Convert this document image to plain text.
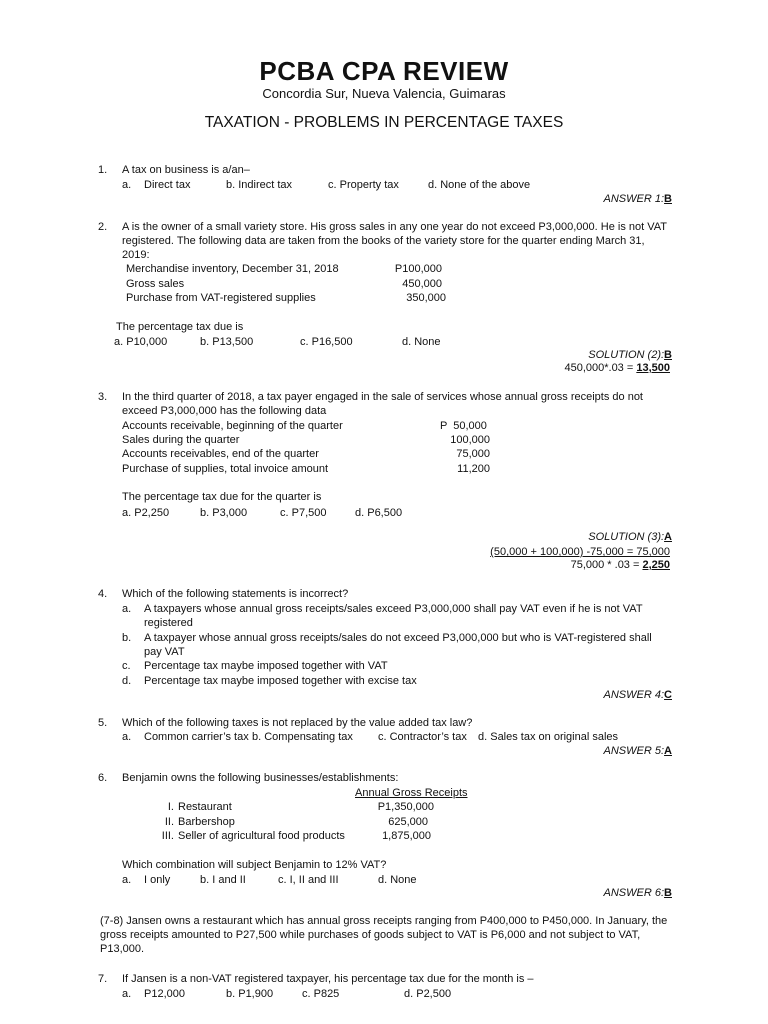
PCBA CPA REVIEW
Concordia Sur, Nueva Valencia, Guimaras
TAXATION - PROBLEMS IN PERCENTAGE TAXES
1.	A tax on business is a/an–
a. Direct tax	b. Indirect tax	c. Property tax	d. None of the above
ANSWER 1:B
2.	A is the owner of a small variety store. His gross sales in any one year do not exceed P3,000,000. He is not VAT
registered. The following data are taken from the books of the variety store for the quarter ending March 31,
2019:
Merchandise inventory, December 31, 2018	P100,000
Gross sales	450,000
Purchase from VAT-registered supplies	350,000
The percentage tax due is
a. P10,000	b. P13,500	c. P16,500	d. None
SOLUTION (2):B
450,000*.03 = 13,500
3.	In the third quarter of 2018, a tax payer engaged in the sale of services whose annual gross receipts do not
exceed P3,000,000 has the following data
Accounts receivable, beginning of the quarter	P  50,000
Sales during the quarter	100,000
Accounts receivables, end of the quarter	75,000
Purchase of supplies, total invoice amount	11,200
The percentage tax due for the quarter is
a. P2,250	b. P3,000	c. P7,500	d. P6,500
SOLUTION (3):A
(50,000 + 100,000) -75,000 = 75,000
75,000 * .03 = 2,250
4.	Which of the following statements is incorrect?
a. A taxpayers whose annual gross receipts/sales exceed P3,000,000 shall pay VAT even if he is not VAT
registered
b. A taxpayer whose annual gross receipts/sales do not exceed P3,000,000 but who is VAT-registered shall
pay VAT
c. Percentage tax maybe imposed together with VAT
d. Percentage tax maybe imposed together with excise tax
ANSWER 4:C
5.	Which of the following taxes is not replaced by the value added tax law?
a. Common carrier’s tax b. Compensating tax c. Contractor’s tax d. Sales tax on original sales
ANSWER 5:A
6.	Benjamin owns the following businesses/establishments:
Annual Gross Receipts
I. Restaurant	P1,350,000
II. Barbershop	625,000
III. Seller of agricultural food products	1,875,000
Which combination will subject Benjamin to 12% VAT?
a. I only	b. I and II	c. I, II and III	d. None
ANSWER 6:B
(7-8) Jansen owns a restaurant which has annual gross receipts ranging from P400,000 to P450,000. In January, the
gross receipts amounted to P27,500 while purchases of goods subject to VAT is P6,000 and not subject to VAT,
P13,000.
7.	If Jansen is a non-VAT registered taxpayer, his percentage tax due for the month is –
a. P12,000	b. P1,900	c. P825	d. P2,500
